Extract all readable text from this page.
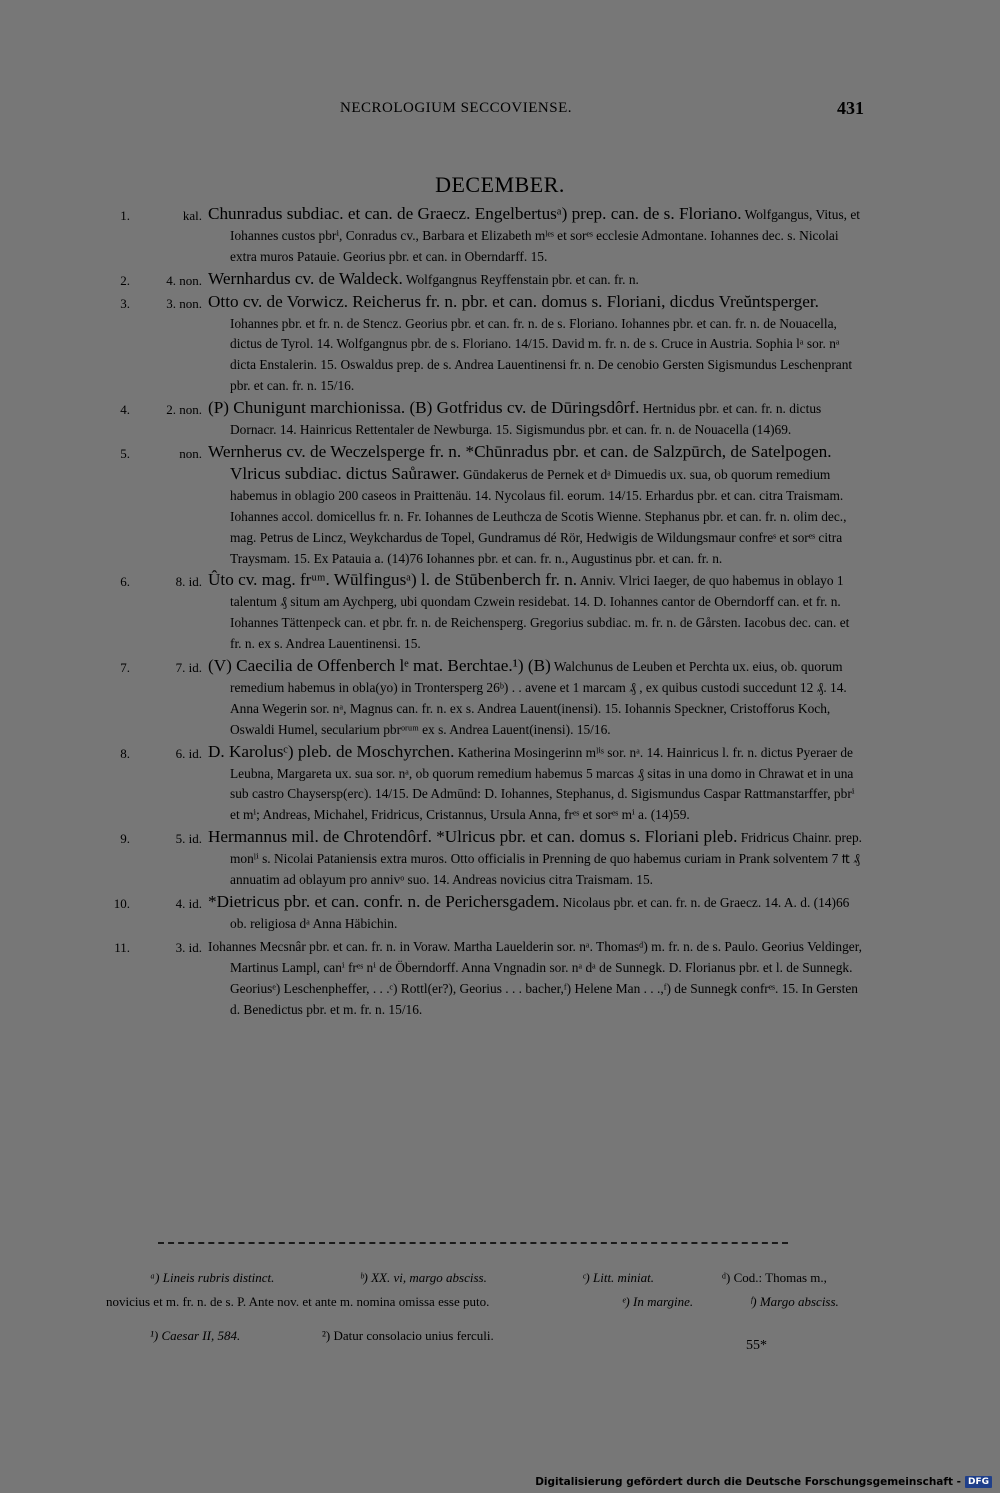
NECROLOGIUM SECCOVIENSE.	431
DECEMBER.
1.	kal. Chunradus subdiac. et can. de Graecz. Engelbertusᵃ) prep. can. de s. Floriano. Wolfgangus, Vitus, et Iohannes custos pbrⁱ, Conradus cv., Barbara et Elizabeth mˡᵉˢ et sorᵉˢ ecclesie Admontane. Iohannes dec. s. Nicolai extra muros Patauie. Georius pbr. et can. in Oberndarff. 15.

2.	4. non. Wernhardus cv. de Waldeck. Wolfgangnus Reyffenstain pbr. et can. fr. n.

3.	3. non. Otto cv. de Vorwicz. Reicherus fr. n. pbr. et can. domus s. Floriani, dicdus Vreŭntsperger. Iohannes pbr. et fr. n. de Stencz. Georius pbr. et can. fr. n. de s. Floriano. Iohannes pbr. et can. fr. n. de Nouacella, dictus de Tyrol. 14. Wolfgangnus pbr. de s. Floriano. 14/15. David m. fr. n. de s. Cruce in Austria. Sophia lᵃ sor. nᵃ dicta Enstalerin. 15. Oswaldus prep. de s. Andrea Lauentinensi fr. n. De cenobio Gersten Sigismundus Leschenprant pbr. et can. fr. n. 15/16.

4.	2. non. (P) Chunigunt marchionissa. (B) Gotfridus cv. de Dūringsdôrf. Hertnidus pbr. et can. fr. n. dictus Dornacr. 14. Hainricus Rettentaler de Newburga. 15. Sigismundus pbr. et can. fr. n. de Nouacella (14)69.

5.	non. Wernherus cv. de Weczelsperge fr. n. *Chūnradus pbr. et can. de Salzpūrch, de Satelpogen. Vlricus subdiac. dictus Saůrawer. Gūndakerus de Pernek et dᵃ Dimuedis ux. sua, ob quorum remedium habemus in oblagio 200 caseos in Praittenäu. 14. Nycolaus fil. eorum. 14/15. Erhardus pbr. et can. citra Traismam. Iohannes accol. domicellus fr. n. Fr. Iohannes de Leuthcza de Scotis Wienne. Stephanus pbr. et can. fr. n. olim dec., mag. Petrus de Lincz, Weykchardus de Topel, Gundramus dé Rör, Hedwigis de Wildungsmaur confreˢ et sorᵉˢ citra Traysmam. 15. Ex Patauia a. (14)76 Iohannes pbr. et can. fr. n., Augustinus pbr. et can. fr. n.

6.	8. id. Ûto cv. mag. frᵘᵐ. Wūlfingusᵃ) l. de Stūbenberch fr. n. Anniv. Vlrici Iaeger, de quo habemus in oblayo 1 talentum ₰ situm am Aychperg, ubi quondam Czwein residebat. 14. D. Iohannes cantor de Oberndorff can. et fr. n. Iohannes Tättenpeck can. et pbr. fr. n. de Reichensperg. Gregorius subdiac. m. fr. n. de Gårsten. Iacobus dec. can. et fr. n. ex s. Andrea Lauentinensi. 15.

7.	7. id. (V) Caecilia de Offenberch lᵉ mat. Berchtae.¹) (B) Walchunus de Leuben et Perchta ux. eius, ob. quorum remedium habemus in obla(yo) in Trontersperg 26ᵇ) . . avene et 1 marcam ₰ , ex quibus custodi succedunt 12 ₰. 14. Anna Wegerin sor. nᵃ, Magnus can. fr. n. ex s. Andrea Lauent(inensi). 15. Iohannis Speckner, Cristofforus Koch, Oswaldi Humel, secularium pbrᵒʳᵘᵐ ex s. Andrea Lauent(inensi). 15/16.

8.	6. id. D. Karolusᶜ) pleb. de Moschyrchen. Katherina Mosingerinn mˡⁱˢ sor. nᵃ. 14. Hainricus l. fr. n. dictus Pyeraer de Leubna, Margareta ux. sua sor. nᵃ, ob quorum remedium habemus 5 marcas ₰ sitas in una domo in Chrawat et in una sub castro Chaysersp(erc). 14/15. De Admūnd: D. Iohannes, Stephanus, d. Sigismundus Caspar Rattmanstarffer, pbrⁱ et mⁱ; Andreas, Michahel, Fridricus, Cristannus, Ursula Anna, frᵉˢ et sorᵉˢ mⁱ a. (14)59.

9.	5. id. Hermannus mil. de Chrotendôrf. *Ulricus pbr. et can. domus s. Floriani pleb. Fridricus Chainr. prep. monˡⁱ s. Nicolai Pataniensis extra muros. Otto officialis in Prenning de quo habemus curiam in Prank solventem 7 ₶ ₰ annuatim ad oblayum pro annivᵒ suo. 14. Andreas novicius citra Traismam. 15.

10.	4. id. *Dietricus pbr. et can. confr. n. de Perichersgadem. Nicolaus pbr. et can. fr. n. de Graecz. 14. A. d. (14)66 ob. religiosa dᵃ Anna Häbichin.

11.	3. id. Iohannes Mecsnâr pbr. et can. fr. n. in Voraw. Martha Lauelderin sor. nᵃ. Thomasᵈ) m. fr. n. de s. Paulo. Georius Veldinger, Martinus Lampl, canⁱ frᵉˢ nⁱ de Öberndorff. Anna Vngnadin sor. nᵃ dᵃ de Sunnegk. D. Florianus pbr. et l. de Sunnegk. Georiusᵉ) Leschenpheffer, . . .ᶜ) Rottl(er?), Georius . . . bacher,ᶠ) Helene Man . . .,ᶠ) de Sunnegk confrᵉˢ. 15. In Gersten d. Benedictus pbr. et m. fr. n. 15/16.

ᵃ) Lineis rubris distinct.	ᵇ) XX. vi, margo absciss.	ᶜ) Litt. miniat.	ᵈ) Cod.: Thomas m.,
novicius et m. fr. n. de s. P. Ante nov. et ante m. nomina omissa esse puto.	ᵉ) In margine.	ᶠ) Margo absciss.
¹) Caesar II, 584.	²) Datur consolacio unius ferculi.
55*
Digitalisierung gefördert durch die Deutsche Forschungsgemeinschaft - DFG
